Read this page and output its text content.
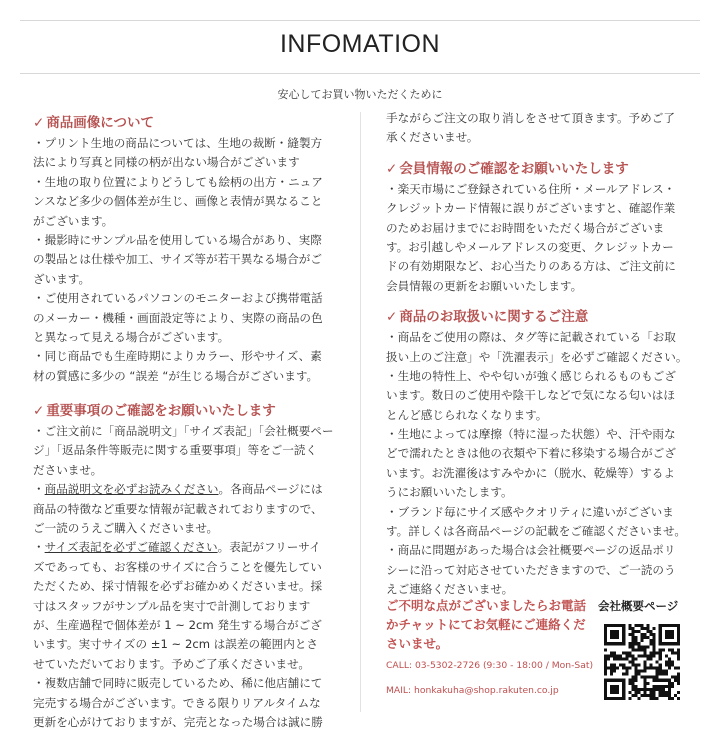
INFOMATION
安心してお買い物いただくために
✓ 商品画像について
・プリント生地の商品については、生地の裁断・縫製方
法により写真と同様の柄が出ない場合がございます
・生地の取り位置によりどうしても絵柄の出方・ニュア
ンスなど多少の個体差が生じ、画像と表情が異なること
がございます。
・撮影時にサンプル品を使用している場合があり、実際
の製品とは仕様や加工、サイズ等が若干異なる場合がご
ざいます。
・ご使用されているパソコンのモニターおよび携帯電話
のメーカー・機種・画面設定等により、実際の商品の色
と異なって見える場合がございます。
・同じ商品でも生産時期によりカラー、形やサイズ、素
材の質感に多少の “誤差 “が生じる場合がございます。
✓ 重要事項のご確認をお願いいたします
・ご注文前に「商品説明文」「サイズ表記」「会社概要ペー
ジ」「返品条件等販売に関する重要事項」等をご一読く
ださいませ。
・商品説明文を必ずお読みください。各商品ページには
商品の特徴など重要な情報が記載されておりますので、
ご一読のうえご購入くださいませ。
・サイズ表記を必ずご確認ください。表記がフリーサイ
ズであっても、お客様のサイズに合うことを優先してい
ただくため、採寸情報を必ずお確かめくださいませ。採
寸はスタッフがサンプル品を実寸で計測しております
が、生産過程で個体差が 1 ~ 2cm 発生する場合がござ
います。実寸サイズの ±1 ~ 2cm は誤差の範囲内とさ
せていただいております。予めご了承くださいませ。
・複数店舗で同時に販売しているため、稀に他店舗にて
完売する場合がございます。できる限りリアルタイムな
更新を心がけておりますが、完売となった場合は誠に勝
手ながらご注文の取り消しをさせて頂きます。予めご了
承くださいませ。
✓ 会員情報のご確認をお願いいたします
・楽天市場にご登録されている住所・メールアドレス・
クレジットカード情報に誤りがございますと、確認作業
のためお届けまでにお時間をいただく場合がございま
す。お引越しやメールアドレスの変更、クレジットカー
ドの有効期限など、お心当たりのある方は、ご注文前に
会員情報の更新をお願いいたします。
✓ 商品のお取扱いに関するご注意
・商品をご使用の際は、タグ等に記載されている「お取
扱い上のご注意」や「洗濯表示」を必ずご確認ください。
・生地の特性上、やや匂いが強く感じられるものもござ
います。数日のご使用や陰干しなどで気になる匂いはほ
とんど感じられなくなります。
・生地によっては摩擦（特に湿った状態）や、汗や雨な
どで濡れたときは他の衣類や下着に移染する場合がござ
います。お洗濯後はすみやかに（脱水、乾燥等）するよ
うにお願いいたします。
・ブランド毎にサイズ感やクオリティに違いがございま
す。詳しくは各商品ページの記載をご確認くださいませ。
・商品に問題があった場合は会社概要ページの返品ポリ
シーに沿って対応させていただきますので、ご一読のう
えご連絡くださいませ。
ご不明な点がございましたらお電話
かチャットにてお気軽にご連絡くだ
さいませ。
CALL: 03-5302-2726 (9:30 - 18:00 / Mon-Sat)
MAIL: honkakuha@shop.rakuten.co.jp
会社概要ページ
